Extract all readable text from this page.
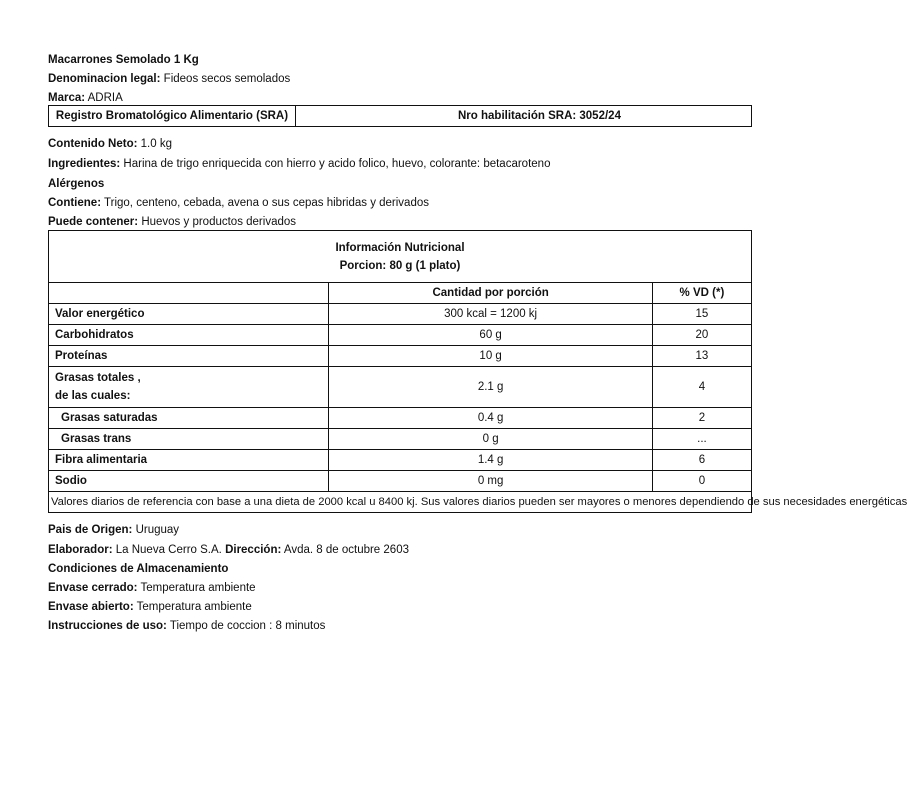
Macarrones Semolado 1 Kg
Denominacion legal: Fideos secos semolados
Marca: ADRIA
Registro Bromatológico Alimentario (SRA)	Nro habilitación SRA: 3052/24
Contenido Neto: 1.0 kg
Ingredientes: Harina de trigo enriquecida con hierro y acido folico, huevo, colorante: betacaroteno
Alérgenos
Contiene: Trigo, centeno, cebada, avena o sus cepas hibridas y derivados
Puede contener: Huevos y productos derivados
Información Nutricional
Porcion: 80 g (1 plato)		

	Cantidad por porción	% VD (*)
Valor energético	300 kcal = 1200 kj	15
Carbohidratos	60 g	20
Proteínas	10 g	13

Grasas totales ,
de las cuales:	2.1 g	4
Grasas saturadas	0.4 g	2
Grasas trans	0 g	...
Fibra alimentaria	1.4 g	6
Sodio	0 mg	0
Valores diarios de referencia con base a una dieta de 2000 kcal u 8400 kj. Sus valores diarios pueden ser mayores o menores dependiendo de sus necesidades energéticas		
Pais de Origen: Uruguay
Elaborador: La Nueva Cerro S.A. Dirección: Avda. 8 de octubre 2603
Condiciones de Almacenamiento
Envase cerrado: Temperatura ambiente
Envase abierto: Temperatura ambiente
Instrucciones de uso: Tiempo de coccion : 8 minutos
